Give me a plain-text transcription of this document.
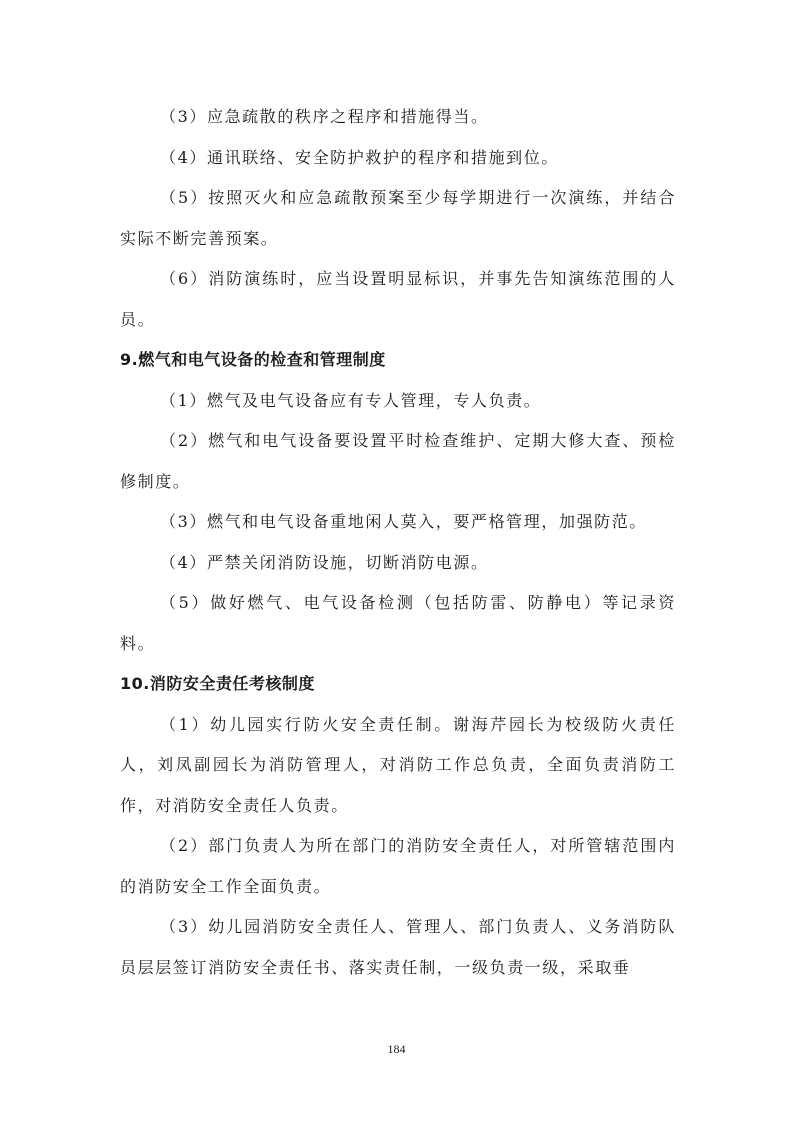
（3）应急疏散的秩序之程序和措施得当。

（4）通讯联络、安全防护救护的程序和措施到位。

（5）按照灭火和应急疏散预案至少每学期进行一次演练，并结合实际不断完善预案。

（6）消防演练时，应当设置明显标识，并事先告知演练范围的人员。

9.燃气和电气设备的检查和管理制度

（1）燃气及电气设备应有专人管理，专人负责。

（2）燃气和电气设备要设置平时检查维护、定期大修大查、预检修制度。

（3）燃气和电气设备重地闲人莫入，要严格管理，加强防范。

（4）严禁关闭消防设施，切断消防电源。

（5）做好燃气、电气设备检测（包括防雷、防静电）等记录资料。

10.消防安全责任考核制度

（1）幼儿园实行防火安全责任制。谢海芹园长为校级防火责任人，刘凤副园长为消防管理人，对消防工作总负责，全面负责消防工作，对消防安全责任人负责。

（2）部门负责人为所在部门的消防安全责任人，对所管辖范围内的消防安全工作全面负责。

（3）幼儿园消防安全责任人、管理人、部门负责人、义务消防队员层层签订消防安全责任书、落实责任制，一级负责一级，采取垂

184
